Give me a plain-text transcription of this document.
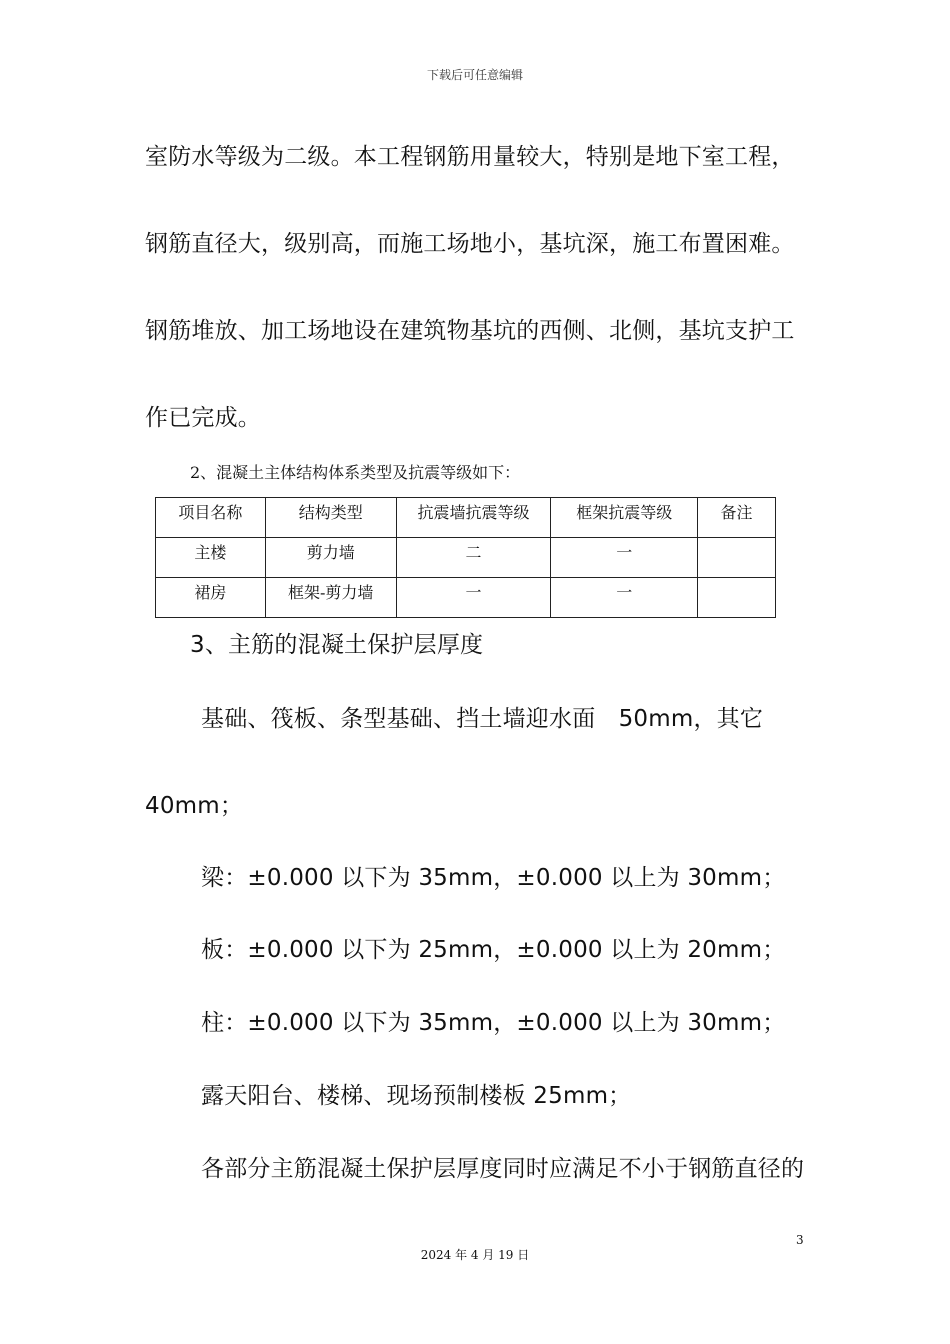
下载后可任意编辑
室防水等级为二级。本工程钢筋用量较大，特别是地下室工程，
钢筋直径大，级别高，而施工场地小，基坑深，施工布置困难。
钢筋堆放、加工场地设在建筑物基坑的西侧、北侧，基坑支护工
作已完成。
2、混凝土主体结构体系类型及抗震等级如下：
项目名称	结构类型	抗震墙抗震等级	框架抗震等级	备注
主楼	剪力墙	二	一	
裙房	框架-剪力墙	一	一	
3、主筋的混凝土保护层厚度
基础、筏板、条型基础、挡土墙迎水面　50mm，其它
40mm；
梁：±0.000 以下为 35mm，±0.000 以上为 30mm；
板：±0.000 以下为 25mm，±0.000 以上为 20mm；
柱：±0.000 以下为 35mm，±0.000 以上为 30mm；
露天阳台、楼梯、现场预制楼板 25mm；
各部分主筋混凝土保护层厚度同时应满足不小于钢筋直径的
3
2024 年 4 月 19 日
